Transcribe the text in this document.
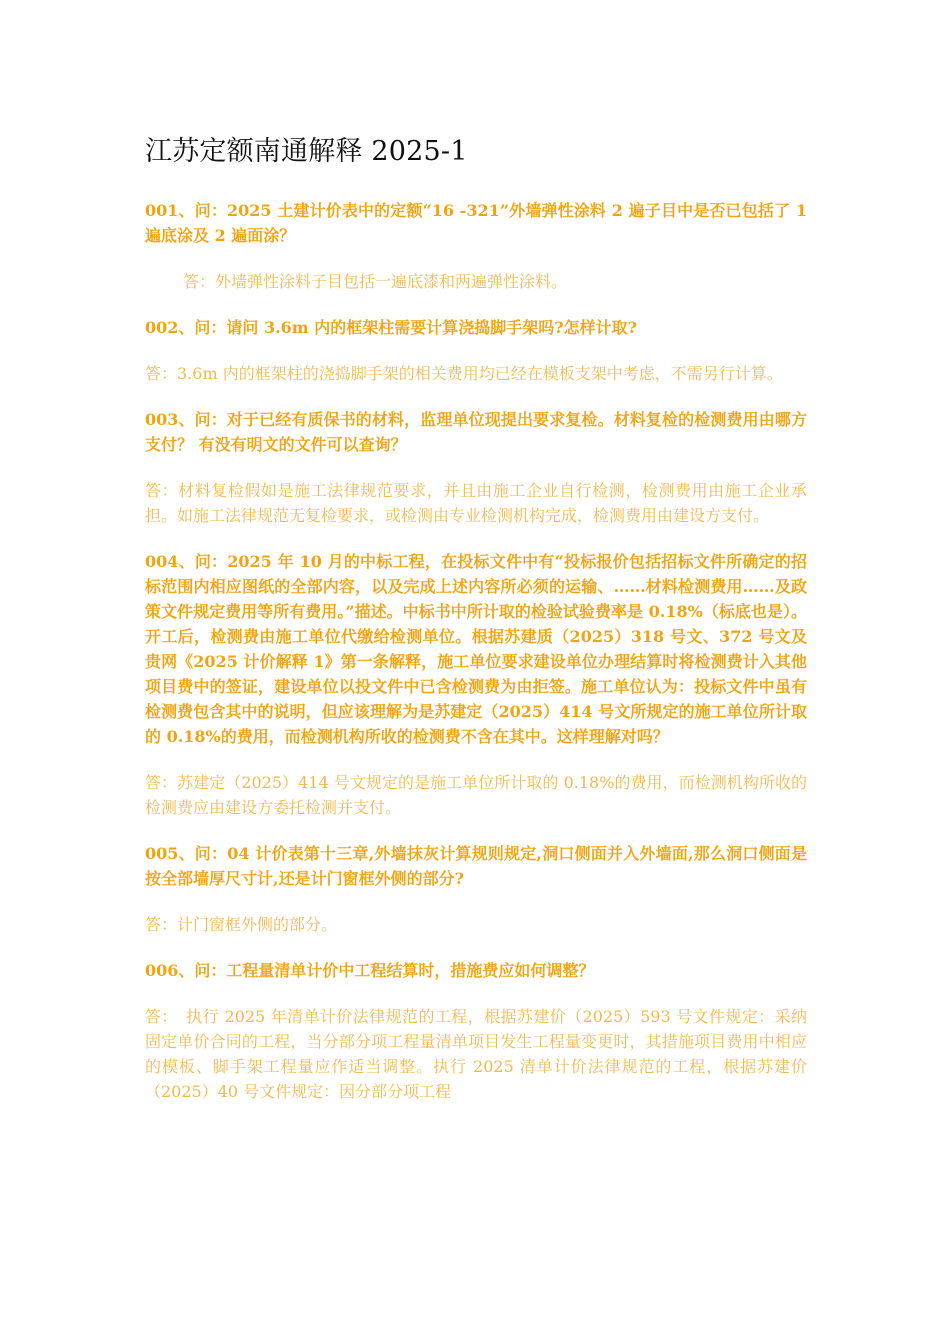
江苏定额南通解释 2025-1

001、问：2025 土建计价表中的定额“16 -321”外墙弹性涂料 2 遍子目中是否已包括了 1 遍底涂及 2 遍面涂？

答：外墙弹性涂料子目包括一遍底漆和两遍弹性涂料。

002、问：请问 3.6m 内的框架柱需要计算浇捣脚手架吗?怎样计取?

答：3.6m 内的框架柱的浇捣脚手架的相关费用均已经在模板支架中考虑，不需另行计算。

003、问：对于已经有质保书的材料，监理单位现提出要求复检。材料复检的检测费用由哪方支付？ 有没有明文的文件可以查询？

答：材料复检假如是施工法律规范要求，并且由施工企业自行检测，检测费用由施工企业承担。如施工法律规范无复检要求，或检测由专业检测机构完成，检测费用由建设方支付。

004、问：2025 年 10 月的中标工程，在投标文件中有“投标报价包括招标文件所确定的招标范围内相应图纸的全部内容，以及完成上述内容所必须的运输、……材料检测费用……及政策文件规定费用等所有费用。”描述。中标书中所计取的检验试验费率是 0.18%（标底也是）。开工后，检测费由施工单位代缴给检测单位。根据苏建质（2025）318 号文、372 号文及贵网《2025 计价解释 1》第一条解释，施工单位要求建设单位办理结算时将检测费计入其他项目费中的签证，建设单位以投文件中已含检测费为由拒签。施工单位认为：投标文件中虽有检测费包含其中的说明，但应该理解为是苏建定（2025）414 号文所规定的施工单位所计取的 0.18%的费用，而检测机构所收的检测费不含在其中。这样理解对吗？

答：苏建定（2025）414 号文规定的是施工单位所计取的 0.18%的费用，而检测机构所收的检测费应由建设方委托检测并支付。

005、问：04 计价表第十三章,外墙抹灰计算规则规定,洞口侧面并入外墙面,那么洞口侧面是按全部墙厚尺寸计,还是计门窗框外侧的部分?

答：计门窗框外侧的部分。

006、问：工程量清单计价中工程结算时，措施费应如何调整？

答：　执行 2025 年清单计价法律规范的工程，根据苏建价（2025）593 号文件规定：采纳固定单价合同的工程，当分部分项工程量清单项目发生工程量变更时，其措施项目费用中相应的模板、脚手架工程量应作适当调整。执行 2025 清单计价法律规范的工程，根据苏建价（2025）40 号文件规定：因分部分项工程
